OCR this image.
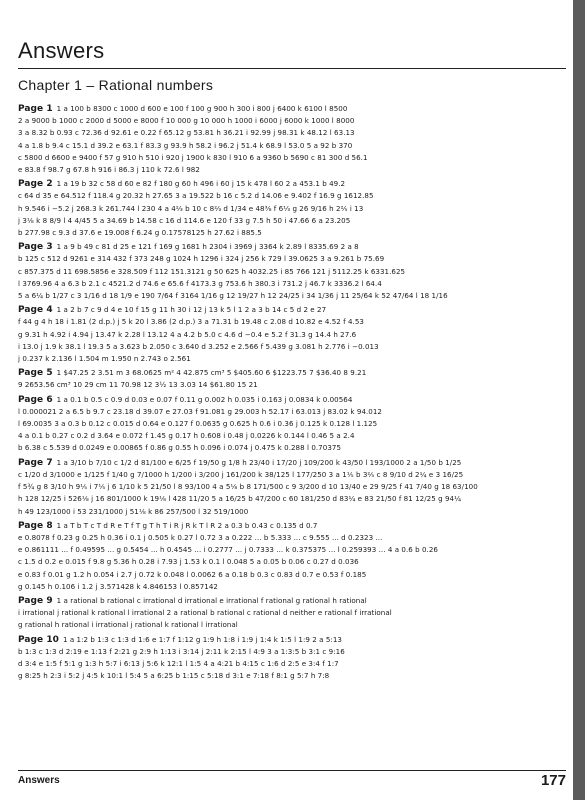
Answers
Chapter 1 – Rational numbers
Page 1 1 a 100 b 8300 c 1000 d 600 e 100 f 100 g 900 h 300 i 800 j 6400 k 6100 l 8500
2 a 9000 b 1000 c 2000 d 5000 e 8000 f 10 000 g 10 000 h 1000 i 6000 j 6000 k 1000 l 8000
3 a 8.32 b 0.93 c 72.36 d 92.61 e 0.22 f 65.12 g 53.81 h 36.21 i 92.99 j 98.31 k 48.12 l 63.13
4 a 1.8 b 9.4 c 15.1 d 39.2 e 63.1 f 83.3 g 93.9 h 58.2 i 96.2 j 51.4 k 68.9 l 53.0 5 a 92 b 370
c 5800 d 6600 e 9400 f 57 g 910 h 510 i 920 j 1900 k 830 l 910 6 a 9360 b 5690 c 81 300 d 56.1
e 83.8 f 98.7 g 67.8 h 916 i 86.3 j 110 k 72.6 l 982
Page 2 1 a 19 b 32 c 58 d 60 e 82 f 180 g 60 h 496 i 60 j 15 k 478 l 60 2 a 453.1 b 49.2
c 64 d 35 e 64.512 f 118.4 g 20.32 h 27.65 3 a 19.522 b 16 c 5.2 d 14.06 e 9.402 f 16.9 g 1612.85
h 9.546 i −5.2 j 268.3 k 261.744 l 230 4 a 4⅔ b 10 c 8⅔ d 1/34 e 48⅜ f 6⅓ g 26 9/16 h 2⅖ i 13
j 3⅛ k 8 8/9 l 4 4/45 5 a 34.69 b 14.58 c 16 d 114.6 e 120 f 33 g 7.5 h 50 i 47.66 6 a 23.205
b 277.98 c 9.3 d 37.6 e 19.008 f 6.24 g 0.17578125 h 27.62 i 885.5
Page 3 1 a 9 b 49 c 81 d 25 e 121 f 169 g 1681 h 2304 i 3969 j 3364 k 2.89 l 8335.69 2 a 8
b 125 c 512 d 9261 e 314 432 f 373 248 g 1024 h 1296 i 324 j 256 k 729 l 39.0625 3 a 9.261 b 75.69
c 857.375 d 11 698.5856 e 328.509 f 112 151.3121 g 50 625 h 4032.25 i 85 766 121 j 5112.25 k 6331.625
l 3769.96 4 a 6.3 b 2.1 c 4521.2 d 74.6 e 65.6 f 4173.3 g 753.6 h 380.3 i 731.2 j 46.7 k 3336.2 l 64.4
5 a 6¼ b 1/27 c 3 1/16 d 18 1/9 e 190 7/64 f 3164 1/16 g 12 19/27 h 12 24/25 i 34 1/36 j 11 25/64 k 52 47/64 l 18 1/16
Page 4 1 a 2 b 7 c 9 d 4 e 10 f 15 g 11 h 30 i 12 j 13 k 5 l 1 2 a 3 b 14 c 5 d 2 e 27
f 44 g 4 h 18 i 1.81 (2 d.p.) j 5 k 20 l 3.86 (2 d.p.) 3 a 71.31 b 19.48 c 2.08 d 10.82 e 4.52 f 4.53
g 9.31 h 4.92 i 4.94 j 13.47 k 2.28 l 13.12 4 a 4.2 b 5.0 c 4.6 d −0.4 e 5.2 f 31.3 g 14.4 h 27.6
i 13.0 j 1.9 k 38.1 l 19.3 5 a 3.623 b 2.050 c 3.640 d 3.252 e 2.566 f 5.439 g 3.081 h 2.776 i −0.013
j 0.237 k 2.136 l 1.504 m 1.950 n 2.743 o 2.561
Page 5 1 $47.25 2 3.51 m 3 68.0625 m² 4 42.875 cm³ 5 $405.60 6 $1223.75 7 $36.40 8 9.21
9 2653.56 cm³ 10 29 cm 11 70.98 12 3½ 13 3.03 14 $61.80 15 21
Page 6 1 a 0.1 b 0.5 c 0.9 d 0.03 e 0.07 f 0.11 g 0.002 h 0.035 i 0.163 j 0.0834 k 0.00564
l 0.000021 2 a 6.5 b 9.7 c 23.18 d 39.07 e 27.03 f 91.081 g 29.003 h 52.17 i 63.013 j 83.02 k 94.012
l 69.0035 3 a 0.3 b 0.12 c 0.015 d 0.64 e 0.127 f 0.0635 g 0.625 h 0.6 i 0.36 j 0.125 k 0.128 l 1.125
4 a 0.1 b 0.27 c 0.2 d 3.64 e 0.072 f 1.45 g 0.17 h 0.608 i 0.48 j 0.0226 k 0.144 l 0.46 5 a 2.4
b 6.38 c 5.539 d 0.0249 e 0.00865 f 0.86 g 0.55 h 0.096 i 0.074 j 0.475 k 0.288 l 0.70375
Page 7 1 a 3/10 b 7/10 c 1/2 d 81/100 e 6/25 f 19/50 g 1/8 h 23/40 i 17/20 j 109/200 k 43/50 l 193/1000 2 a 1/50 b 1/25
c 1/20 d 3/1000 e 1/125 f 1/40 g 7/1000 h 1/200 i 3/200 j 161/200 k 38/125 l 177/250 3 a 1⅕ b 3⅖ c 8 9/10 d 2¼ e 3 16/25
f 5¾ g 8 3/10 h 9⅕ i 7⅕ j 6 1/10 k 5 21/50 l 8 93/100 4 a 5⅛ b 8 171/500 c 9 3/200 d 10 13/40 e 29 9/25 f 41 7/40 g 18 63/100
h 128 12/25 i 526⅛ j 16 801/1000 k 19⅛ l 428 11/20 5 a 16/25 b 47/200 c 60 181/250 d 83¼ e 83 21/50 f 81 12/25 g 94¼
h 49 123/1000 i 53 231/1000 j 51⅛ k 86 257/500 l 32 519/1000
Page 8 1 a T b T c T d R e T f T g T h T i R j R k T l R 2 a 0.3 b 0.43 c 0.135 d 0.7
e 0.8078 f 0.23 g 0.25 h 0.36 i 0.1 j 0.505 k 0.27 l 0.72 3 a 0.222 ... b 5.333 ... c 9.555 ... d 0.2323 ...
e 0.861111 ... f 0.49595 ... g 0.5454 ... h 0.4545 ... i 0.2777 ... j 0.7333 ... k 0.375375 ... l 0.259393 ... 4 a 0.6 b 0.26
c 1.5 d 0.2 e 0.015 f 9.8 g 5.36 h 0.28 i 7.93 j 1.53 k 0.1 l 0.048 5 a 0.05 b 0.06 c 0.27 d 0.036
e 0.83 f 0.01 g 1.2 h 0.054 i 2.7 j 0.72 k 0.048 l 0.0062 6 a 0.18 b 0.3 c 0.83 d 0.7 e 0.53 f 0.185
g 0.145 h 0.106 i 1.2 j 3.571428 k 4.846153 l 0.857142
Page 9 1 a rational b rational c irrational d irrational e irrational f rational g rational h rational
i irrational j rational k rational l irrational 2 a rational b rational c rational d neither e rational f irrational
g rational h rational i irrational j rational k rational l irrational
Page 10 1 a 1:2 b 1:3 c 1:3 d 1:6 e 1:7 f 1:12 g 1:9 h 1:8 i 1:9 j 1:4 k 1:5 l 1:9 2 a 5:13
b 1:3 c 1:3 d 2:19 e 1:13 f 2:21 g 2:9 h 1:13 i 3:14 j 2:11 k 2:15 l 4:9 3 a 1:3:5 b 3:1 c 9:16
d 3:4 e 1:5 f 5:1 g 1:3 h 5:7 i 6:13 j 5:6 k 12:1 l 1:5 4 a 4:21 b 4:15 c 1:6 d 2:5 e 3:4 f 1:7
g 8:25 h 2:3 i 5:2 j 4:5 k 10:1 l 5:4 5 a 6:25 b 1:15 c 5:18 d 3:1 e 7:18 f 8:1 g 5:7 h 7:8
Answers	177
